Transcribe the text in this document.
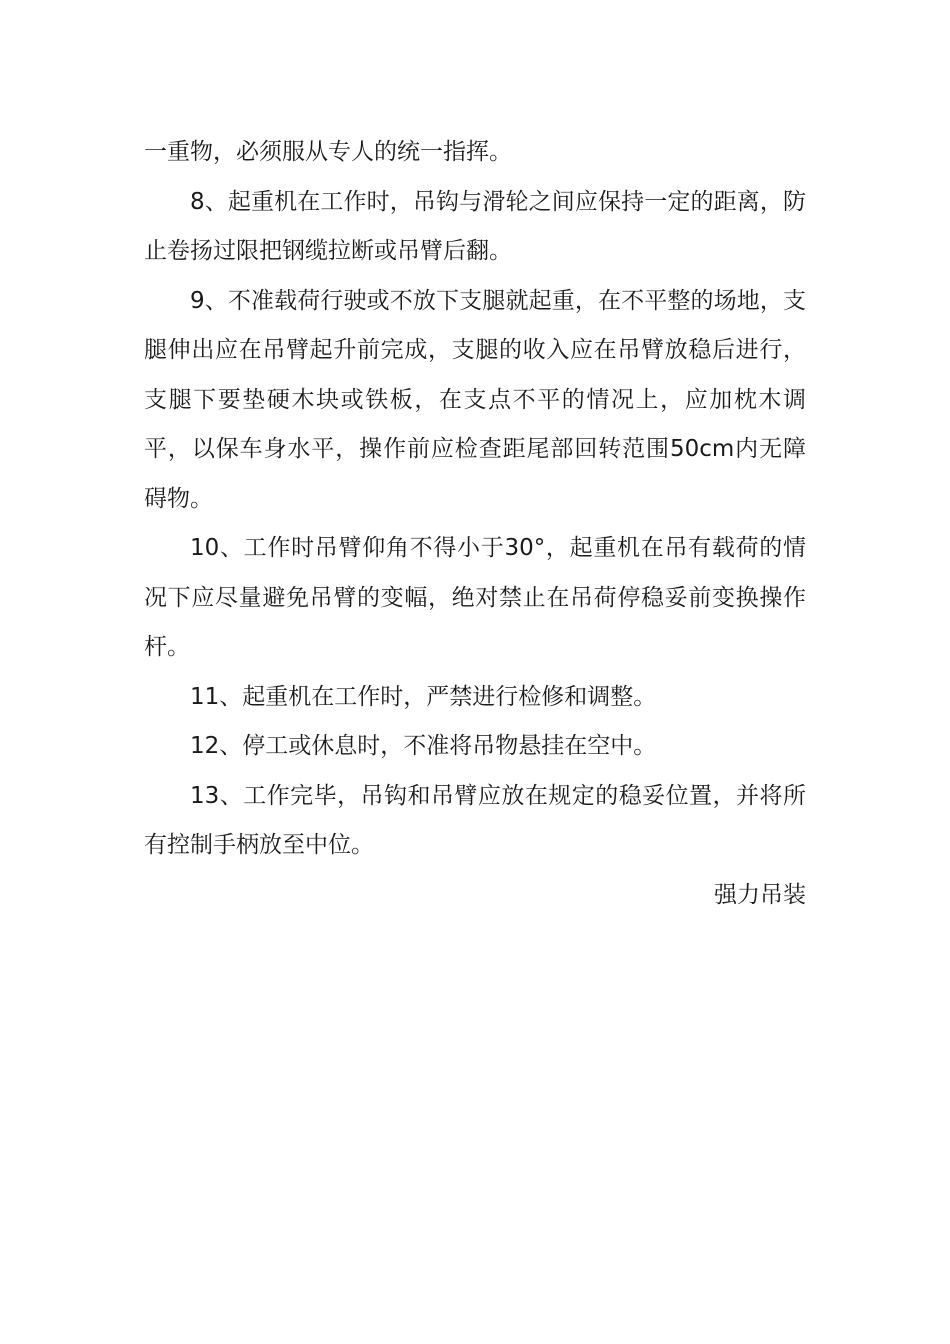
一重物，必须服从专人的统一指挥。

8、起重机在工作时，吊钩与滑轮之间应保持一定的距离，防止卷扬过限把钢缆拉断或吊臂后翻。

9、不准载荷行驶或不放下支腿就起重，在不平整的场地，支腿伸出应在吊臂起升前完成，支腿的收入应在吊臂放稳后进行，支腿下要垫硬木块或铁板，在支点不平的情况上，应加枕木调平，以保车身水平，操作前应检查距尾部回转范围50cm内无障碍物。

10、工作时吊臂仰角不得小于30°，起重机在吊有载荷的情况下应尽量避免吊臂的变幅，绝对禁止在吊荷停稳妥前变换操作杆。

11、起重机在工作时，严禁进行检修和调整。

12、停工或休息时，不准将吊物悬挂在空中。

13、工作完毕，吊钩和吊臂应放在规定的稳妥位置，并将所有控制手柄放至中位。

强力吊装
